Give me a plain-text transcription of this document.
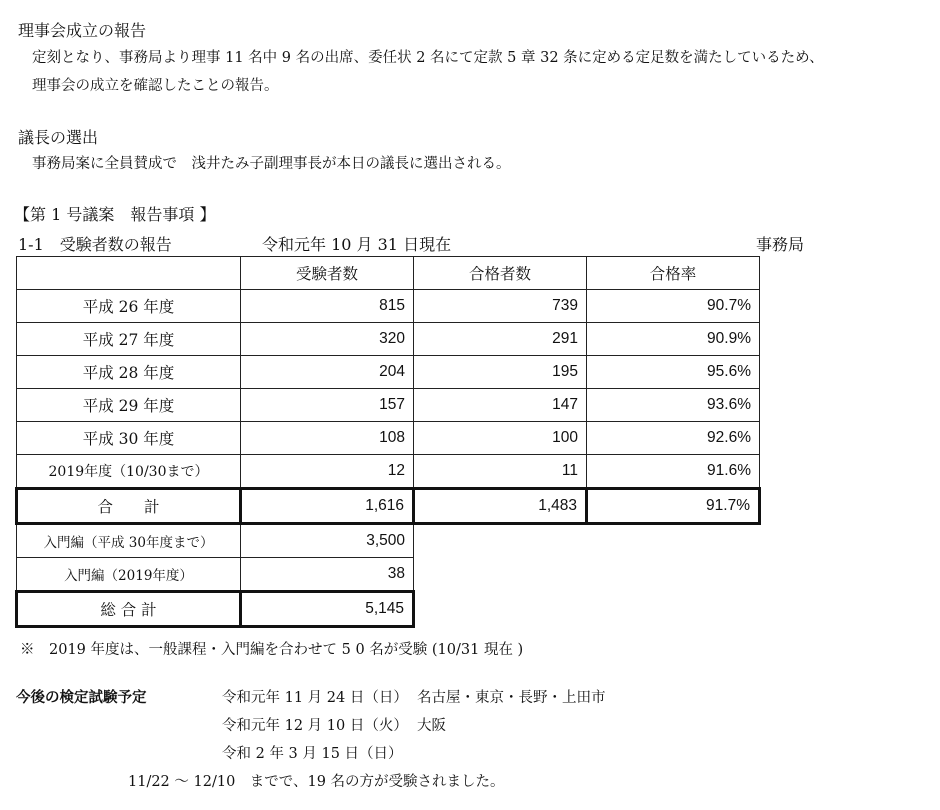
理事会成立の報告
定刻となり、事務局より理事 11 名中 9 名の出席、委任状 2 名にて定款 5 章 32 条に定める定足数を満たしているため、
理事会の成立を確認したことの報告。
議長の選出
事務局案に全員賛成で　浅井たみ子副理事長が本日の議長に選出される。
【第 1 号議案　報告事項 】
1-1　受験者数の報告	令和元年 10 月 31 日現在	事務局
	受験者数	合格者数	合格率
平成 26 年度	815	739	90.7%
平成 27 年度	320	291	90.9%
平成 28 年度	204	195	95.6%
平成 29 年度	157	147	93.6%
平成 30 年度	108	100	92.6%
2019年度（10/30まで）	12	11	91.6%
合　　計	1,616	1,483	91.7%
入門編（平成 30年度まで）	3,500		
入門編（2019年度）	38		
総 合 計	5,145		
※　2019 年度は、一般課程・入門編を合わせて 5 0 名が受験 (10/31 現在 )
今後の検定試験予定	令和元年 11 月 24 日（日）  名古屋・東京・長野・上田市
令和元年 12 月 10 日（火）  大阪
令和 2 年 3 月 15 日（日）
11/22 ～ 12/10　までで、19 名の方が受験されました。
